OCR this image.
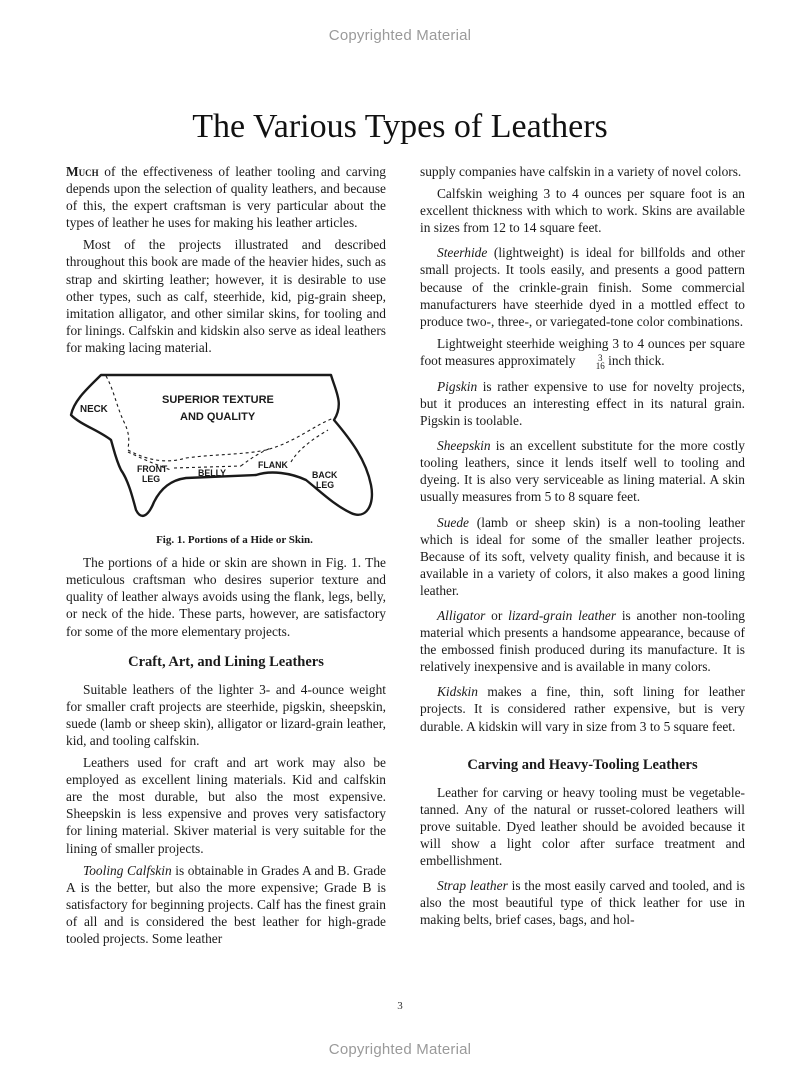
Copyrighted Material
The Various Types of Leathers

Much of the effectiveness of leather tooling and carving depends upon the selection of quality leathers, and because of this, the expert craftsman is very particular about the types of leather he uses for making his leather articles.

Most of the projects illustrated and described throughout this book are made of the heavier hides, such as strap and skirting leather; however, it is desirable to use other types, such as calf, steerhide, kid, pig-grain sheep, imitation alligator, and other similar skins, for tooling and for linings. Calfskin and kidskin also serve as ideal leathers for making lacing material.

NECK
SUPERIOR TEXTURE
AND QUALITY
FRONT
LEG
BELLY
FLANK
BACK
LEG

Fig. 1. Portions of a Hide or Skin.

The portions of a hide or skin are shown in Fig. 1. The meticulous craftsman who desires superior texture and quality of leather always avoids using the flank, legs, belly, or neck of the hide. These parts, however, are satisfactory for some of the more elementary projects.

Craft, Art, and Lining Leathers

Suitable leathers of the lighter 3- and 4-ounce weight for smaller craft projects are steerhide, pigskin, sheepskin, suede (lamb or sheep skin), alligator or lizard-grain leather, kid, and tooling calfskin.

Leathers used for craft and art work may also be employed as excellent lining materials. Kid and calfskin are the most durable, but also the most expensive. Sheepskin is less expensive and proves very satisfactory for lining material. Skiver material is very suitable for the lining of smaller projects.

Tooling Calfskin is obtainable in Grades A and B. Grade A is the better, but also the more expensive; Grade B is satisfactory for beginning projects. Calf has the finest grain of all and is considered the best leather for high-grade tooled projects. Some leather

supply companies have calfskin in a variety of novel colors.

Calfskin weighing 3 to 4 ounces per square foot is an excellent thickness with which to work. Skins are available in sizes from 12 to 14 square feet.

Steerhide (lightweight) is ideal for billfolds and other small projects. It tools easily, and presents a good pattern because of the crinkle-grain finish. Some commercial manufacturers have steerhide dyed in a mottled effect to produce two-, three-, or variegated-tone color combinations.

Lightweight steerhide weighing 3 to 4 ounces per square foot measures approximately	3
16 inch thick.

Pigskin is rather expensive to use for novelty projects, but it produces an interesting effect in its natural grain. Pigskin is toolable.

Sheepskin is an excellent substitute for the more costly tooling leathers, since it lends itself well to tooling and dyeing. It is also very serviceable as lining material. A skin usually measures from 5 to 8 square feet.

Suede (lamb or sheep skin) is a non-tooling leather which is ideal for some of the smaller leather projects. Because of its soft, velvety quality finish, and because it is available in a variety of colors, it also makes a good lining leather.

Alligator or lizard-grain leather is another non-tooling material which presents a handsome appearance, because of the embossed finish produced during its manufacture. It is relatively inexpensive and is available in many colors.

Kidskin makes a fine, thin, soft lining for leather projects. It is considered rather expensive, but is very durable. A kidskin will vary in size from 3 to 5 square feet.

Carving and Heavy-Tooling Leathers

Leather for carving or heavy tooling must be vegetable-tanned. Any of the natural or russet-colored leathers will prove suitable. Dyed leather should be avoided because it will show a light color after surface treatment and embellishment.

Strap leather is the most easily carved and tooled, and is also the most beautiful type of thick leather for use in making belts, brief cases, bags, and hol-

3
Copyrighted Material
